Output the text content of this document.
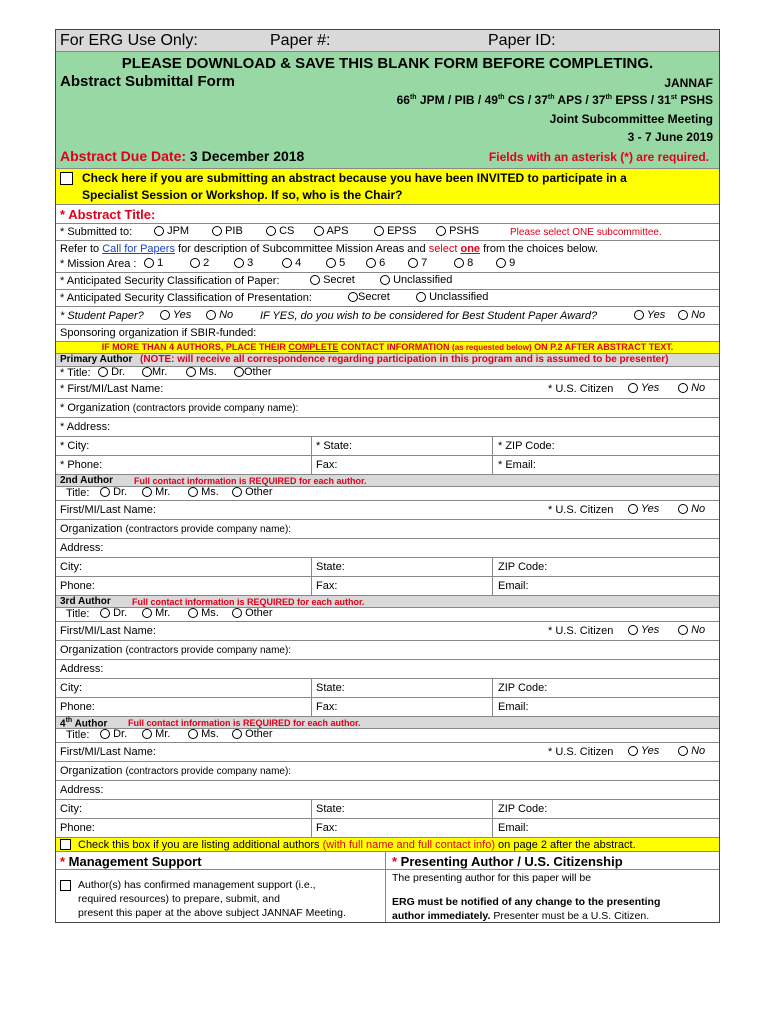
For ERG Use Only:	Paper #:	Paper ID:
PLEASE DOWNLOAD & SAVE THIS BLANK FORM BEFORE COMPLETING.
Abstract Submittal Form	JANNAF
66th JPM / PIB / 49th CS / 37th APS / 37th EPSS / 31st PSHS
Joint Subcommittee Meeting
3 - 7 June 2019
Abstract Due Date: 3 December 2018	Fields with an asterisk (*) are required.
Check here if you are submitting an abstract because you have been INVITED to participate in a
Specialist Session or Workshop. If so, who is the Chair?
* Abstract Title:
* Submitted to:	JPM	PIB	CS	APS	EPSS	PSHS	Please select ONE subcommittee.
Refer to Call for Papers for description of Subcommittee Mission Areas and select one from the choices below.
* Mission Area :	1	2	3	4	5	6	7	8	9
* Anticipated Security Classification of Paper:	Secret	Unclassified
* Anticipated Security Classification of Presentation:	Secret	Unclassified
* Student Paper?	Yes	No IF YES, do you wish to be considered for Best Student Paper Award?	Yes	No
Sponsoring organization if SBIR-funded:
IF MORE THAN 4 AUTHORS, PLACE THEIR COMPLETE CONTACT INFORMATION (as requested below) ON P.2 AFTER ABSTRACT TEXT.
Primary Author (NOTE: will receive all correspondence regarding participation in this program and is assumed to be presenter)
* Title:	Dr.	Mr.	Ms.	Other
* First/MI/Last Name:	* U.S. Citizen	Yes	No
* Organization (contractors provide company name):
* Address:
* City:	* State:	* ZIP Code:
* Phone:	Fax:	* Email:
2nd Author Full contact information is REQUIRED for each author.
Title:	Dr.	Mr.	Ms.	Other
First/MI/Last Name:	* U.S. Citizen	Yes	No
Organization (contractors provide company name):
Address:
City:	State:	ZIP Code:
Phone:	Fax:	Email:
3rd Author Full contact information is REQUIRED for each author.
Title:	Dr.	Mr.	Ms.	Other
First/MI/Last Name:	* U.S. Citizen	Yes	No
Organization (contractors provide company name):
Address:
City:	State:	ZIP Code:
Phone:	Fax:	Email:
4th Author Full contact information is REQUIRED for each author.
Title:	Dr.	Mr.	Ms.	Other
First/MI/Last Name:	* U.S. Citizen	Yes	No
Organization (contractors provide company name):
Address:
City:	State:	ZIP Code:
Phone:	Fax:	Email:
Check this box if you are listing additional authors (with full name and full contact info) on page 2 after the abstract.
* Management Support	* Presenting Author / U.S. Citizenship
Author(s) has confirmed management support (i.e.,
required resources) to prepare, submit, and
present this paper at the above subject JANNAF Meeting.
The presenting author for this paper will be
ERG must be notified of any change to the presenting
author immediately. Presenter must be a U.S. Citizen.
